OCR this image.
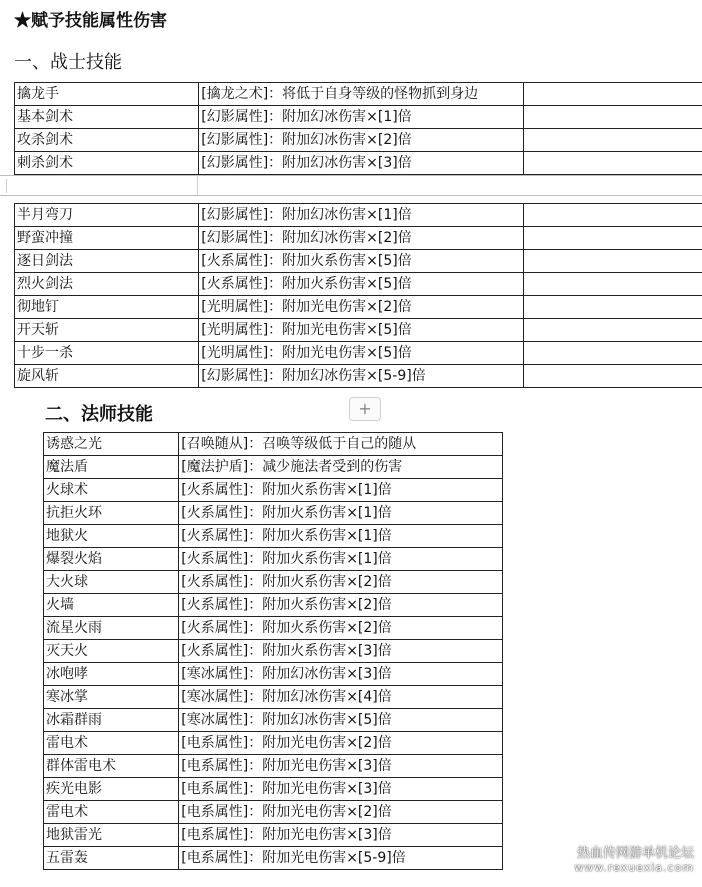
★赋予技能属性伤害
一、战士技能
擒龙手	[擒龙之术]：将低于自身等级的怪物抓到身边	
基本剑术	[幻影属性]：附加幻冰伤害×[1]倍	
攻杀剑术	[幻影属性]：附加幻冰伤害×[2]倍	
刺杀剑术	[幻影属性]：附加幻冰伤害×[3]倍	
半月弯刀	[幻影属性]：附加幻冰伤害×[1]倍	
野蛮冲撞	[幻影属性]：附加幻冰伤害×[2]倍	
逐日剑法	[火系属性]：附加火系伤害×[5]倍	
烈火剑法	[火系属性]：附加火系伤害×[5]倍	
彻地钉	[光明属性]：附加光电伤害×[2]倍	
开天斩	[光明属性]：附加光电伤害×[5]倍	
十步一杀	[光明属性]：附加光电伤害×[5]倍	
旋风斩	[幻影属性]：附加幻冰伤害×[5-9]倍	
二、法师技能	+
诱惑之光	[召唤随从]：召唤等级低于自己的随从
魔法盾	[魔法护盾]：减少施法者受到的伤害
火球术	[火系属性]：附加火系伤害×[1]倍
抗拒火环	[火系属性]：附加火系伤害×[1]倍
地狱火	[火系属性]：附加火系伤害×[1]倍
爆裂火焰	[火系属性]：附加火系伤害×[1]倍
大火球	[火系属性]：附加火系伤害×[2]倍
火墙	[火系属性]：附加火系伤害×[2]倍
流星火雨	[火系属性]：附加火系伤害×[2]倍
灭天火	[火系属性]：附加火系伤害×[3]倍
冰咆哮	[寒冰属性]：附加幻冰伤害×[3]倍
寒冰掌	[寒冰属性]：附加幻冰伤害×[4]倍
冰霜群雨	[寒冰属性]：附加幻冰伤害×[5]倍
雷电术	[电系属性]：附加光电伤害×[2]倍
群体雷电术	[电系属性]：附加光电伤害×[3]倍
疾光电影	[电系属性]：附加光电伤害×[3]倍
雷电术	[电系属性]：附加光电伤害×[2]倍
地狱雷光	[电系属性]：附加光电伤害×[3]倍
五雷轰	[电系属性]：附加光电伤害×[5-9]倍	热血传网游单机论坛
www.rexuexia.com
